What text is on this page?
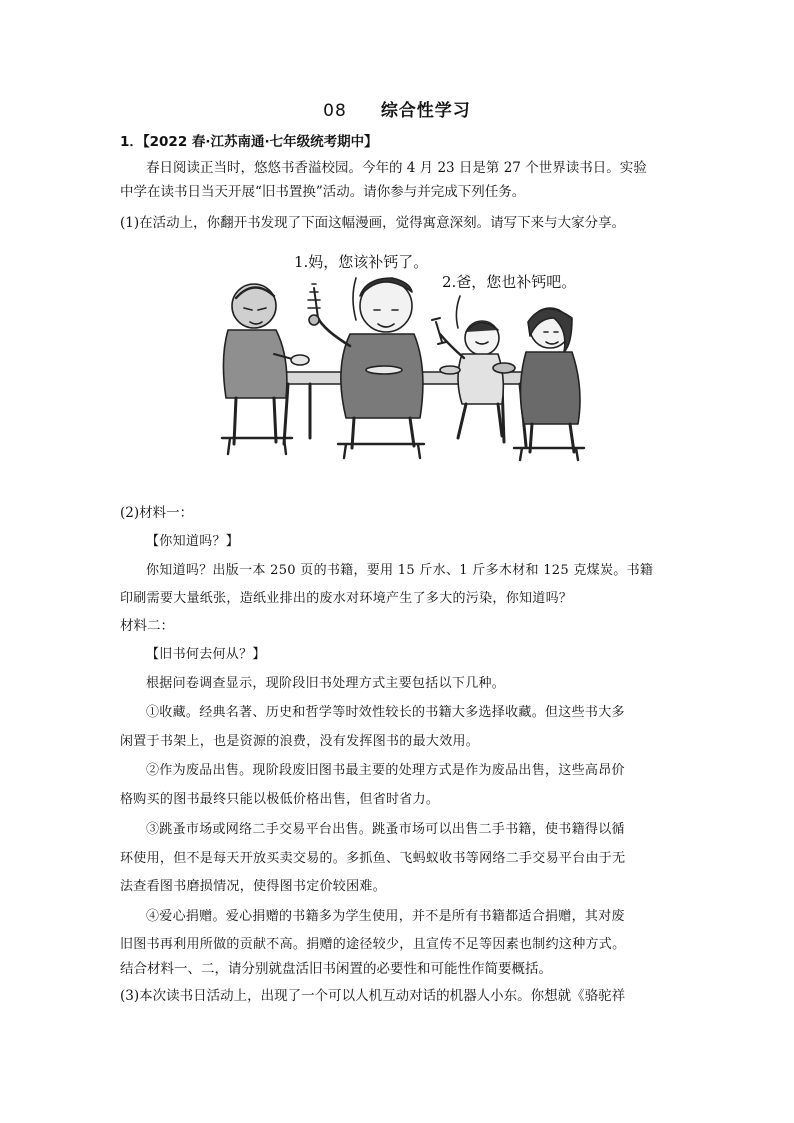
08 综合性学习
1．【2022 春·江苏南通·七年级统考期中】
春日阅读正当时，悠悠书香溢校园。今年的 4 月 23 日是第 27 个世界读书日。实验
中学在读书日当天开展“旧书置换”活动。请你参与并完成下列任务。
(1)在活动上，你翻开书发现了下面这幅漫画，觉得寓意深刻。请写下来与大家分享。
1.妈，您该补钙了。
2.爸，您也补钙吧。
(2)材料一：
【你知道吗？】
你知道吗？出版一本 250 页的书籍，要用 15 斤水、1 斤多木材和 125 克煤炭。书籍
印刷需要大量纸张，造纸业排出的废水对环境产生了多大的污染，你知道吗？
材料二：
【旧书何去何从？】
根据问卷调查显示，现阶段旧书处理方式主要包括以下几种。
①收藏。经典名著、历史和哲学等时效性较长的书籍大多选择收藏。但这些书大多
闲置于书架上，也是资源的浪费，没有发挥图书的最大效用。
②作为废品出售。现阶段废旧图书最主要的处理方式是作为废品出售，这些高昂价
格购买的图书最终只能以极低价格出售，但省时省力。
③跳蚤市场或网络二手交易平台出售。跳蚤市场可以出售二手书籍，使书籍得以循
环使用，但不是每天开放买卖交易的。多抓鱼、飞蚂蚁收书等网络二手交易平台由于无
法查看图书磨损情况，使得图书定价较困难。
④爱心捐赠。爱心捐赠的书籍多为学生使用，并不是所有书籍都适合捐赠，其对废
旧图书再利用所做的贡献不高。捐赠的途径较少，且宣传不足等因素也制约这种方式。
结合材料一、二，请分别就盘活旧书闲置的必要性和可能性作简要概括。
(3)本次读书日活动上，出现了一个可以人机互动对话的机器人小东。你想就《骆驼祥
